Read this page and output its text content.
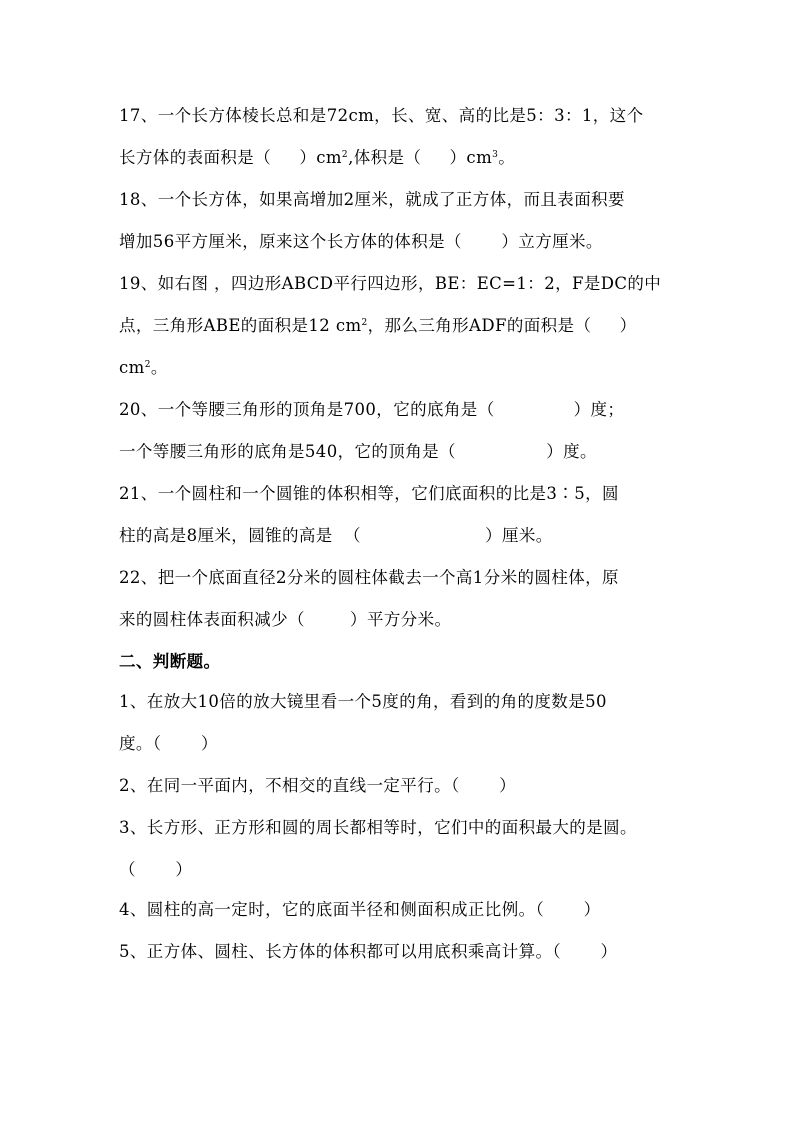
17、一个长方体棱长总和是72cm，长、宽、高的比是5：3：1，这个
长方体的表面积是（     ）$cm^2$,体积是（     ）$cm^3$。
18、一个长方体，如果高增加2厘米，就成了正方体，而且表面积要
增加56平方厘米，原来这个长方体的体积是（       ）立方厘米。
19、如右图 ，四边形ABCD平行四边形，BE：EC=1：2，F是DC的中
点，三角形ABE的面积是12 $cm^2$，那么三角形ADF的面积是（     ）
$cm^2$。
20、一个等腰三角形的顶角是700，它的底角是（              ）度；
一个等腰三角形的底角是540，它的顶角是（                ）度。
21、一个圆柱和一个圆锥的体积相等，它们底面积的比是3∶5，圆
柱的高是8厘米，圆锥的高是  （                      ）厘米。
22、把一个底面直径2分米的圆柱体截去一个高1分米的圆柱体，原
来的圆柱体表面积减少（        ）平方分米。
二、判断题。
1、在放大10倍的放大镜里看一个5度的角，看到的角的度数是50
度。（       ）
2、在同一平面内，不相交的直线一定平行。（       ）
3、长方形、正方形和圆的周长都相等时，它们中的面积最大的是圆。
（       ）
4、圆柱的高一定时，它的底面半径和侧面积成正比例。（       ）
5、正方体、圆柱、长方体的体积都可以用底积乘高计算。（       ）
